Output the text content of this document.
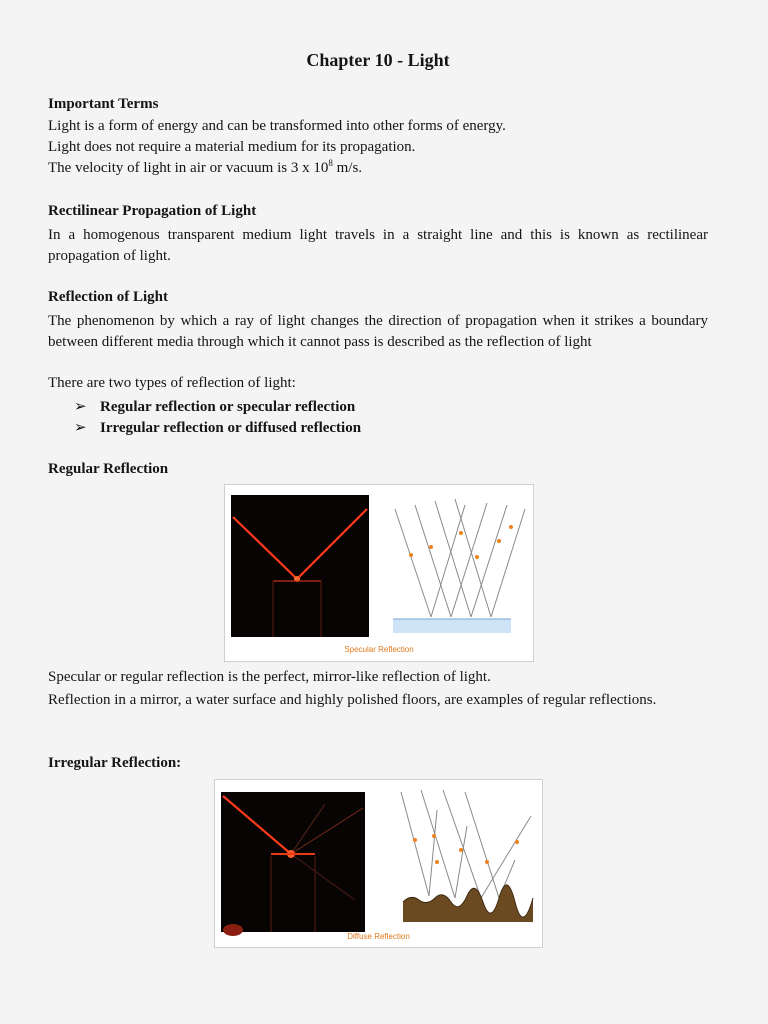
Chapter 10 - Light

Important Terms

Light is a form of energy and can be transformed into other forms of energy.

Light does not require a material medium for its propagation.

The velocity of light in air or vacuum is 3 x $10^8$ m/s.

Rectilinear Propagation of Light

In a homogenous transparent medium light travels in a straight line and this is known as rectilinear propagation of light.

Reflection of Light

The phenomenon by which a ray of light changes the direction of propagation when it strikes a boundary between different media through which it cannot pass is described as the reflection of light

There are two types of reflection of light:

➢ Regular reflection or specular reflection

➢ Irregular reflection or diffused reflection

Regular Reflection

Specular Reflection

Specular or regular reflection is the perfect, mirror-like reflection of light.

Reflection in a mirror, a water surface and highly polished floors, are examples of regular reflections.

Irregular Reflection:

Diffuse Reflection
